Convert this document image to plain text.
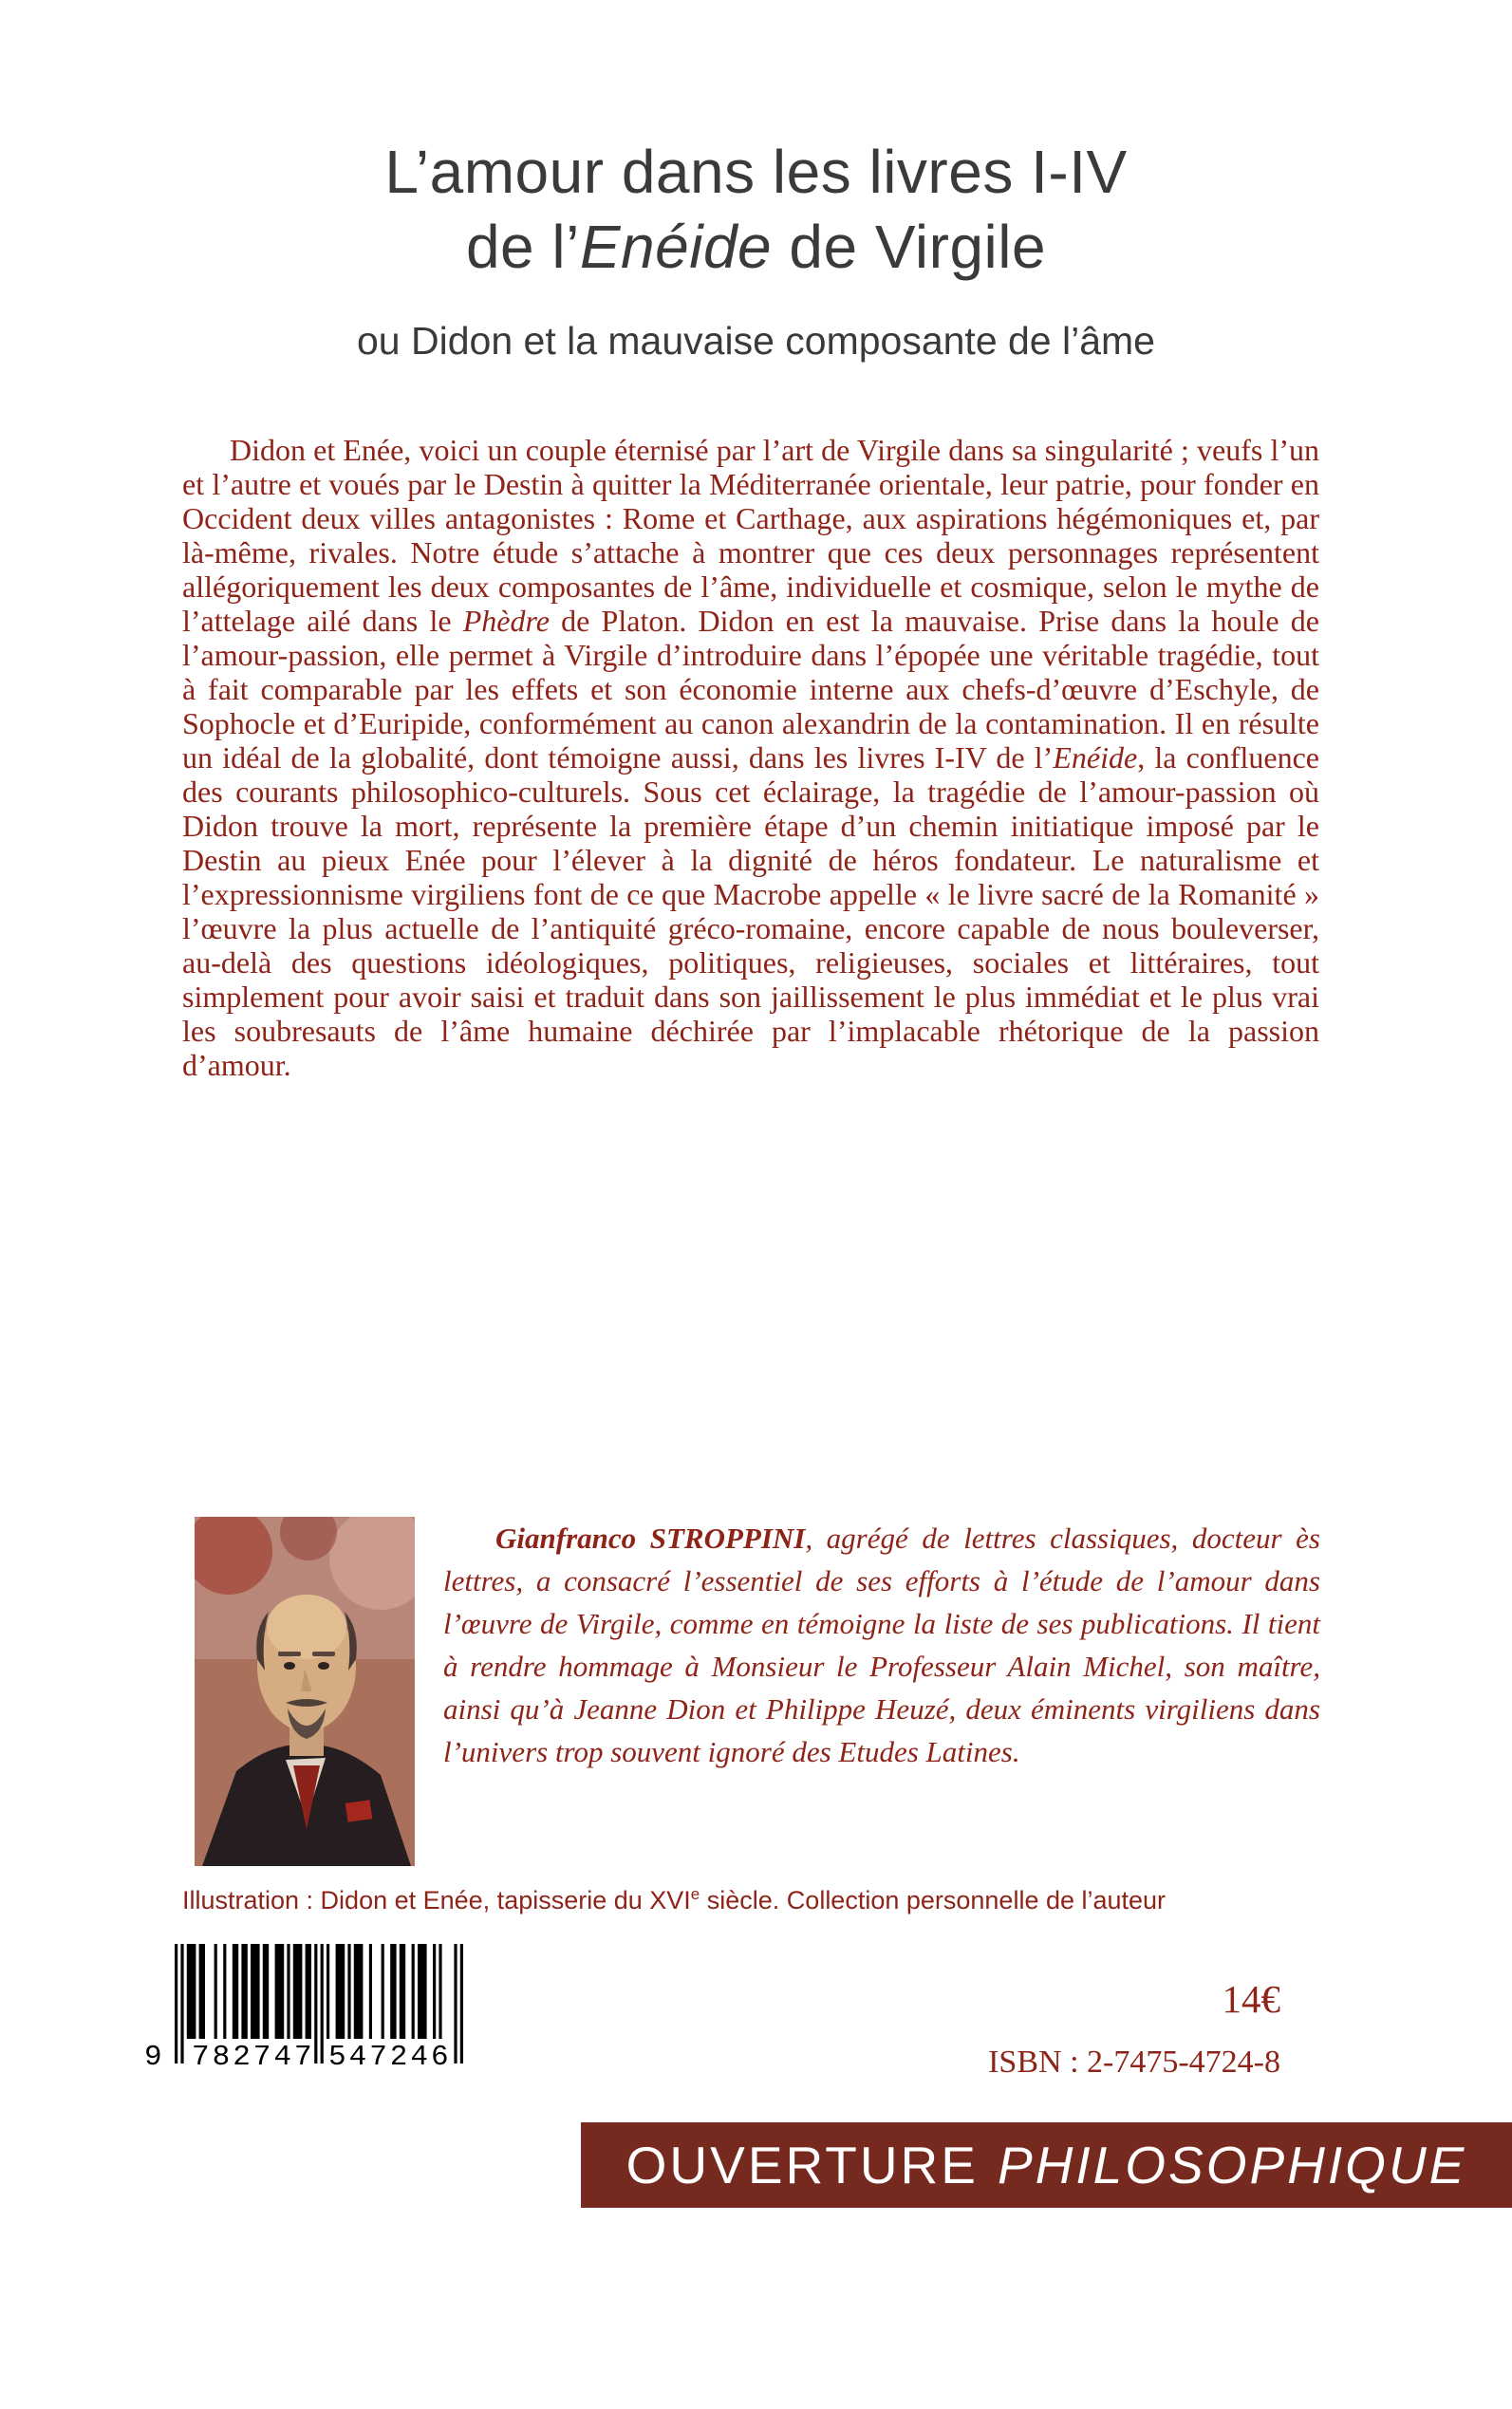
L’amour dans les livres I-IV
de l’Enéide de Virgile
ou Didon et la mauvaise composante de l’âme

Didon et Enée, voici un couple éternisé par l’art de Virgile dans sa singularité ; veufs l’un et l’autre et voués par le Destin à quitter la Méditerranée orientale, leur patrie, pour fonder en Occident deux villes antagonistes : Rome et Carthage, aux aspirations hégémoniques et, par là-même, rivales. Notre étude s’attache à montrer que ces deux personnages représentent allégoriquement les deux composantes de l’âme, individuelle et cosmique, selon le mythe de l’attelage ailé dans le Phèdre de Platon. Didon en est la mauvaise. Prise dans la houle de l’amour-passion, elle permet à Virgile d’introduire dans l’épopée une véritable tragédie, tout à fait comparable par les effets et son économie interne aux chefs-d’œuvre d’Eschyle, de Sophocle et d’Euripide, conformément au canon alexandrin de la contamination. Il en résulte un idéal de la globalité, dont témoigne aussi, dans les livres I-IV de l’Enéide, la confluence des courants philosophico-culturels. Sous cet éclairage, la tragédie de l’amour-passion où Didon trouve la mort, représente la première étape d’un chemin initiatique imposé par le Destin au pieux Enée pour l’élever à la dignité de héros fondateur. Le naturalisme et l’expressionnisme virgiliens font de ce que Macrobe appelle « le livre sacré de la Romanité » l’œuvre la plus actuelle de l’antiquité gréco-romaine, encore capable de nous bouleverser, au-delà des questions idéologiques, politiques, religieuses, sociales et littéraires, tout simplement pour avoir saisi et traduit dans son jaillissement le plus immédiat et le plus vrai les soubresauts de l’âme humaine déchirée par l’implacable rhétorique de la passion d’amour.

Gianfranco STROPPINI, agrégé de lettres classiques, docteur ès lettres, a consacré l’essentiel de ses efforts à l’étude de l’amour dans l’œuvre de Virgile, comme en témoigne la liste de ses publications. Il tient à rendre hommage à Monsieur le Professeur Alain Michel, son maître, ainsi qu’à Jeanne Dion et Philippe Heuzé, deux éminents virgiliens dans l’univers trop souvent ignoré des Etudes Latines.

Illustration : Didon et Enée, tapisserie du XVIe siècle. Collection personnelle de l’auteur

9 782747 547246
14€
ISBN : 2-7475-4724-8
OUVERTURE PHILOSOPHIQUE
